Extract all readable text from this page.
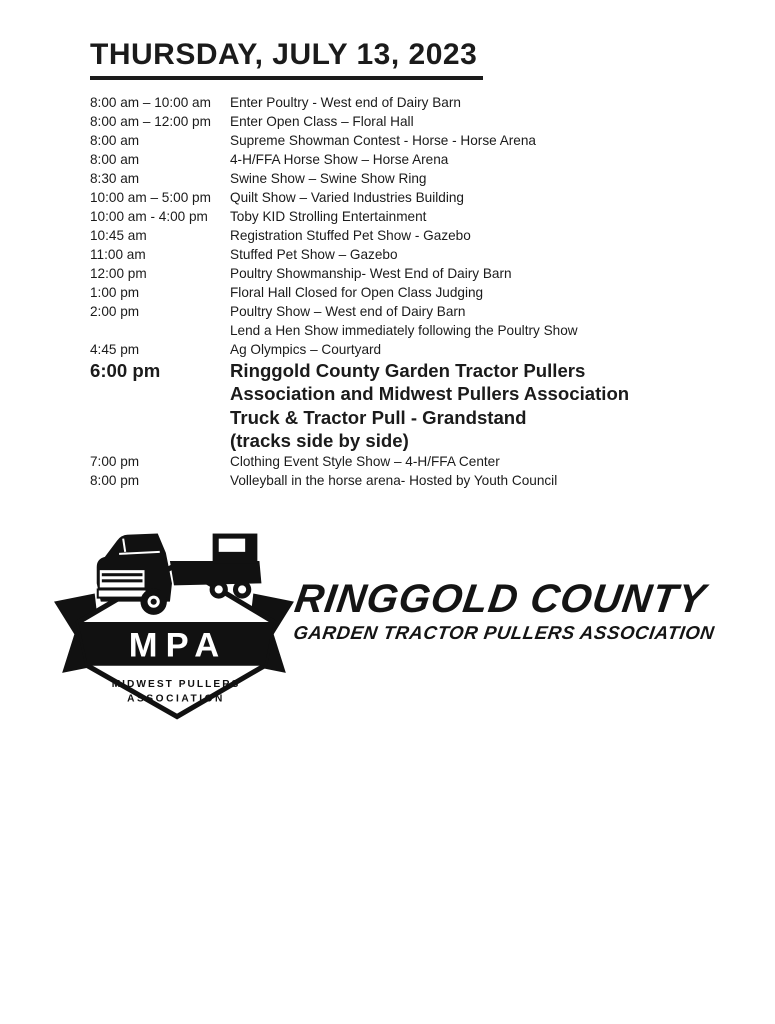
THURSDAY, JULY 13, 2023
8:00 am – 10:00 am	Enter Poultry - West end of Dairy Barn
8:00 am – 12:00 pm	Enter Open Class – Floral Hall
8:00 am	Supreme Showman Contest - Horse - Horse Arena
8:00 am	4-H/FFA Horse Show – Horse Arena
8:30 am	Swine Show – Swine Show Ring
10:00 am – 5:00 pm	Quilt Show – Varied Industries Building
10:00 am - 4:00 pm	Toby KID Strolling Entertainment
10:45 am	Registration Stuffed Pet Show - Gazebo
11:00 am	Stuffed Pet Show – Gazebo
12:00 pm	Poultry Showmanship- West End of Dairy Barn
1:00 pm	Floral Hall Closed for Open Class Judging
2:00 pm	Poultry Show – West end of Dairy Barn
Lend a Hen Show immediately following the Poultry Show
4:45 pm	Ag Olympics – Courtyard
6:00 pm	Ringgold County Garden Tractor Pullers
Association and Midwest Pullers Association
Truck & Tractor Pull - Grandstand
(tracks side by side)
7:00 pm	Clothing Event Style Show – 4-H/FFA Center
8:00 pm	Volleyball in the horse arena- Hosted by Youth Council
MPA
MIDWEST PULLERS
ASSOCIATION
RINGGOLD COUNTY
GARDEN TRACTOR PULLERS ASSOCIATION
